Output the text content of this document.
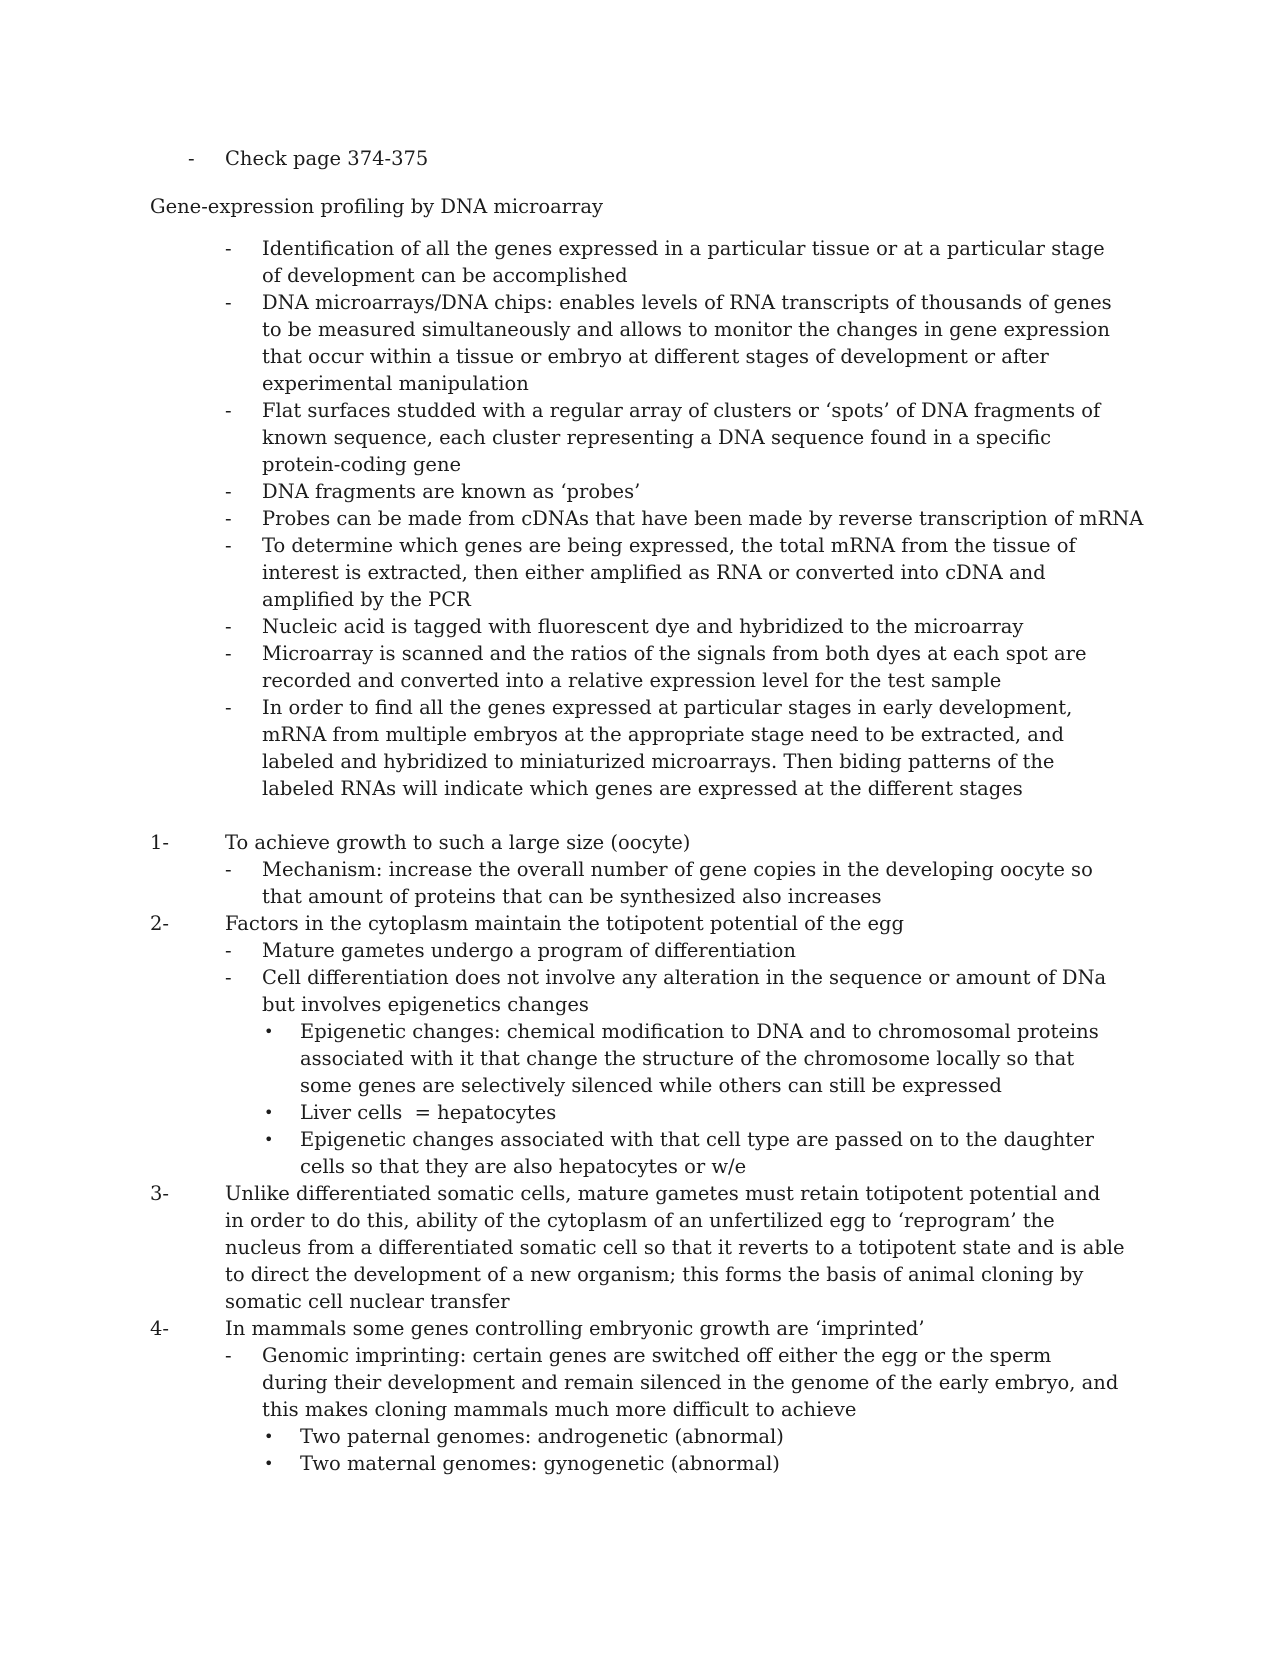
- Check page 374-375
Gene-expression profiling by DNA microarray
- Identification of all the genes expressed in a particular tissue or at a particular stage of development can be accomplished
- DNA microarrays/DNA chips: enables levels of RNA transcripts of thousands of genes to be measured simultaneously and allows to monitor the changes in gene expression that occur within a tissue or embryo at different stages of development or after experimental manipulation
- Flat surfaces studded with a regular array of clusters or ‘spots’ of DNA fragments of known sequence, each cluster representing a DNA sequence found in a specific protein-coding gene
- DNA fragments are known as ‘probes’
- Probes can be made from cDNAs that have been made by reverse transcription of mRNA
- To determine which genes are being expressed, the total mRNA from the tissue of interest is extracted, then either amplified as RNA or converted into cDNA and amplified by the PCR
- Nucleic acid is tagged with fluorescent dye and hybridized to the microarray
- Microarray is scanned and the ratios of the signals from both dyes at each spot are recorded and converted into a relative expression level for the test sample
- In order to find all the genes expressed at particular stages in early development, mRNA from multiple embryos at the appropriate stage need to be extracted, and labeled and hybridized to miniaturized microarrays. Then biding patterns of the labeled RNAs will indicate which genes are expressed at the different stages
1-	To achieve growth to such a large size (oocyte)
- Mechanism: increase the overall number of gene copies in the developing oocyte so that amount of proteins that can be synthesized also increases
2-	Factors in the cytoplasm maintain the totipotent potential of the egg
- Mature gametes undergo a program of differentiation
- Cell differentiation does not involve any alteration in the sequence or amount of DNa but involves epigenetics changes
• Epigenetic changes: chemical modification to DNA and to chromosomal proteins associated with it that change the structure of the chromosome locally so that some genes are selectively silenced while others can still be expressed
• Liver cells  = hepatocytes
• Epigenetic changes associated with that cell type are passed on to the daughter cells so that they are also hepatocytes or w/e
3-	Unlike differentiated somatic cells, mature gametes must retain totipotent potential and in order to do this, ability of the cytoplasm of an unfertilized egg to ‘reprogram’ the nucleus from a differentiated somatic cell so that it reverts to a totipotent state and is able to direct the development of a new organism; this forms the basis of animal cloning by somatic cell nuclear transfer
4-	In mammals some genes controlling embryonic growth are ‘imprinted’
- Genomic imprinting: certain genes are switched off either the egg or the sperm during their development and remain silenced in the genome of the early embryo, and this makes cloning mammals much more difficult to achieve
• Two paternal genomes: androgenetic (abnormal)
• Two maternal genomes: gynogenetic (abnormal)
